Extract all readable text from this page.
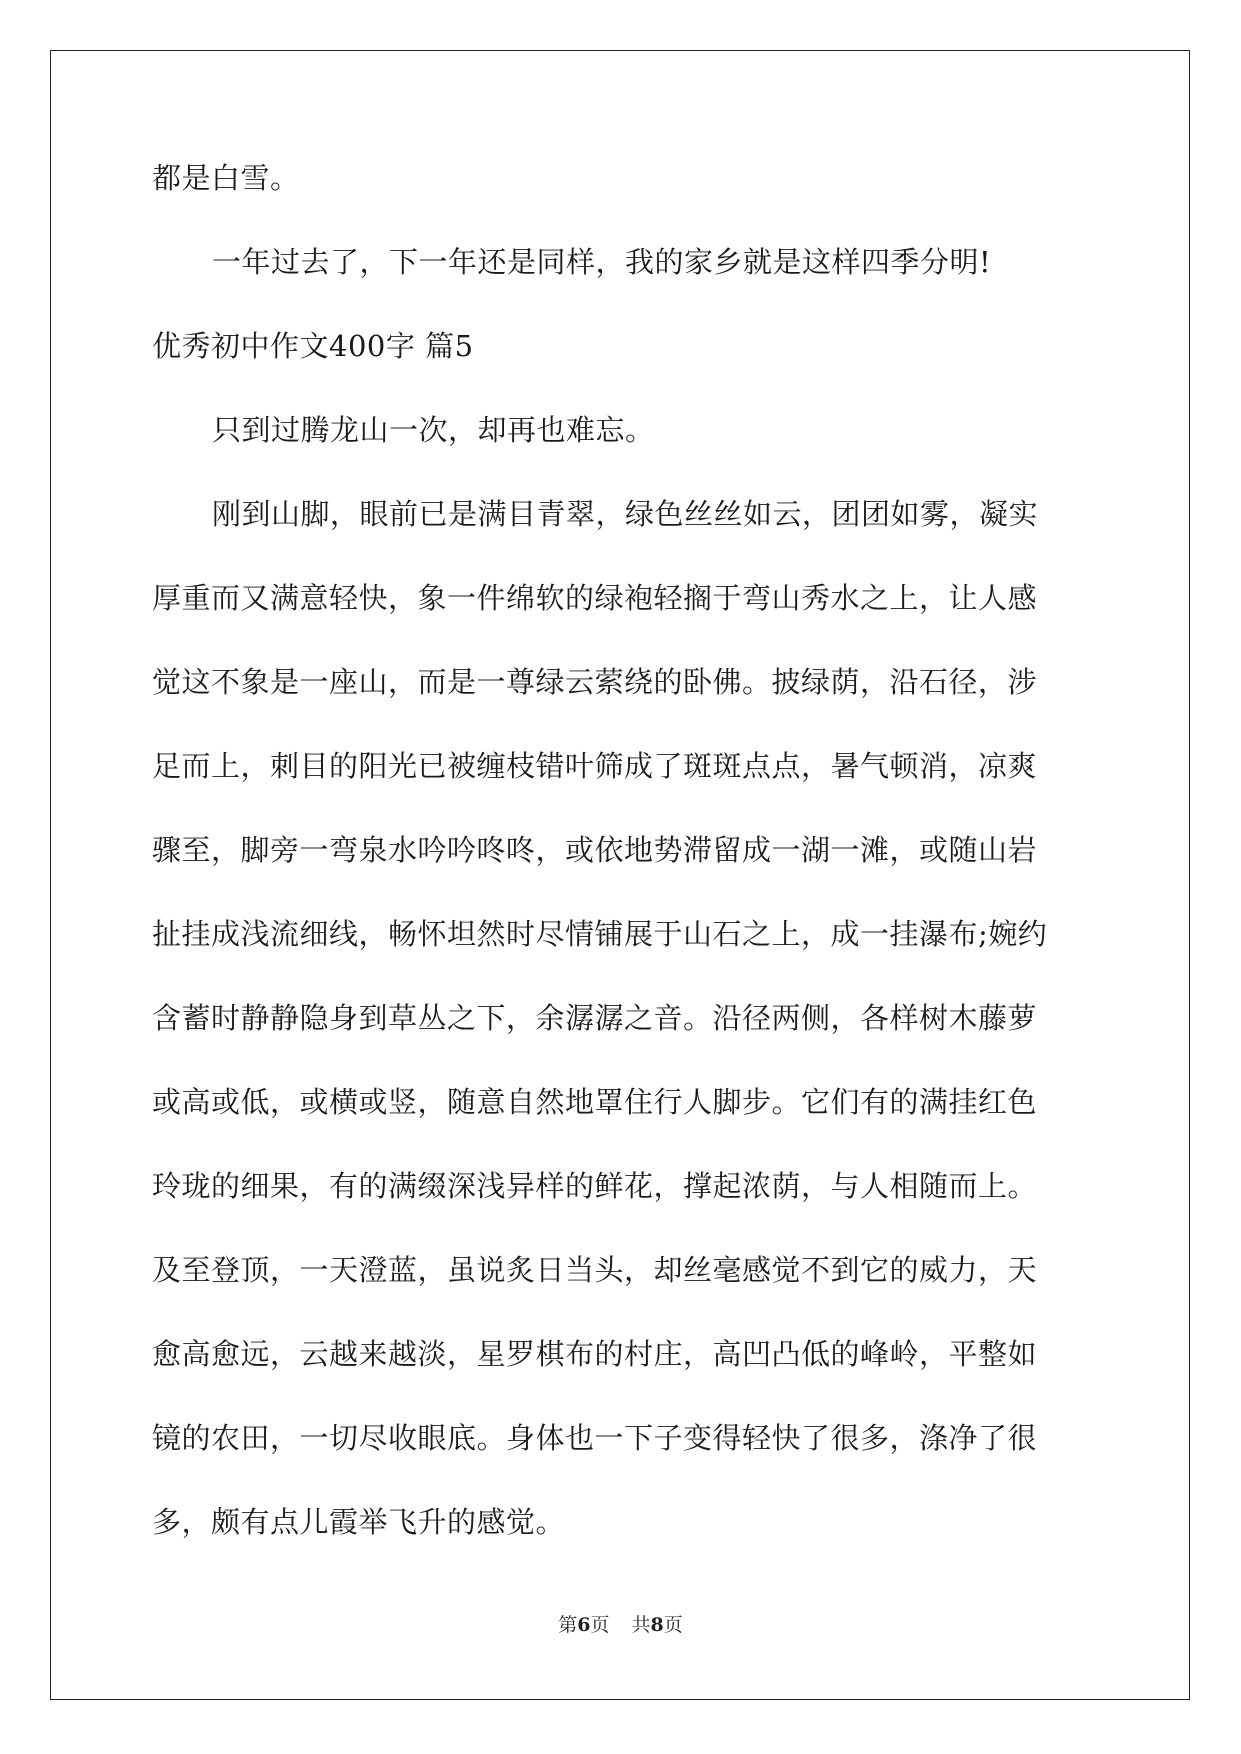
都是白雪。
一年过去了，下一年还是同样，我的家乡就是这样四季分明!
优秀初中作文400字 篇5
只到过腾龙山一次，却再也难忘。
刚到山脚，眼前已是满目青翠，绿色丝丝如云，团团如雾，凝实
厚重而又满意轻快，象一件绵软的绿袍轻搁于弯山秀水之上，让人感
觉这不象是一座山，而是一尊绿云萦绕的卧佛。披绿荫，沿石径，涉
足而上，刺目的阳光已被缠枝错叶筛成了斑斑点点，暑气顿消，凉爽
骤至，脚旁一弯泉水吟吟咚咚，或依地势滞留成一湖一滩，或随山岩
扯挂成浅流细线，畅怀坦然时尽情铺展于山石之上，成一挂瀑布;婉约
含蓄时静静隐身到草丛之下，余潺潺之音。沿径两侧，各样树木藤萝
或高或低，或横或竖，随意自然地罩住行人脚步。它们有的满挂红色
玲珑的细果，有的满缀深浅异样的鲜花，撑起浓荫，与人相随而上。
及至登顶，一天澄蓝，虽说炙日当头，却丝毫感觉不到它的威力，天
愈高愈远，云越来越淡，星罗棋布的村庄，高凹凸低的峰岭，平整如
镜的农田，一切尽收眼底。身体也一下子变得轻快了很多，涤净了很
多，颇有点儿霞举飞升的感觉。
第6页 共8页
